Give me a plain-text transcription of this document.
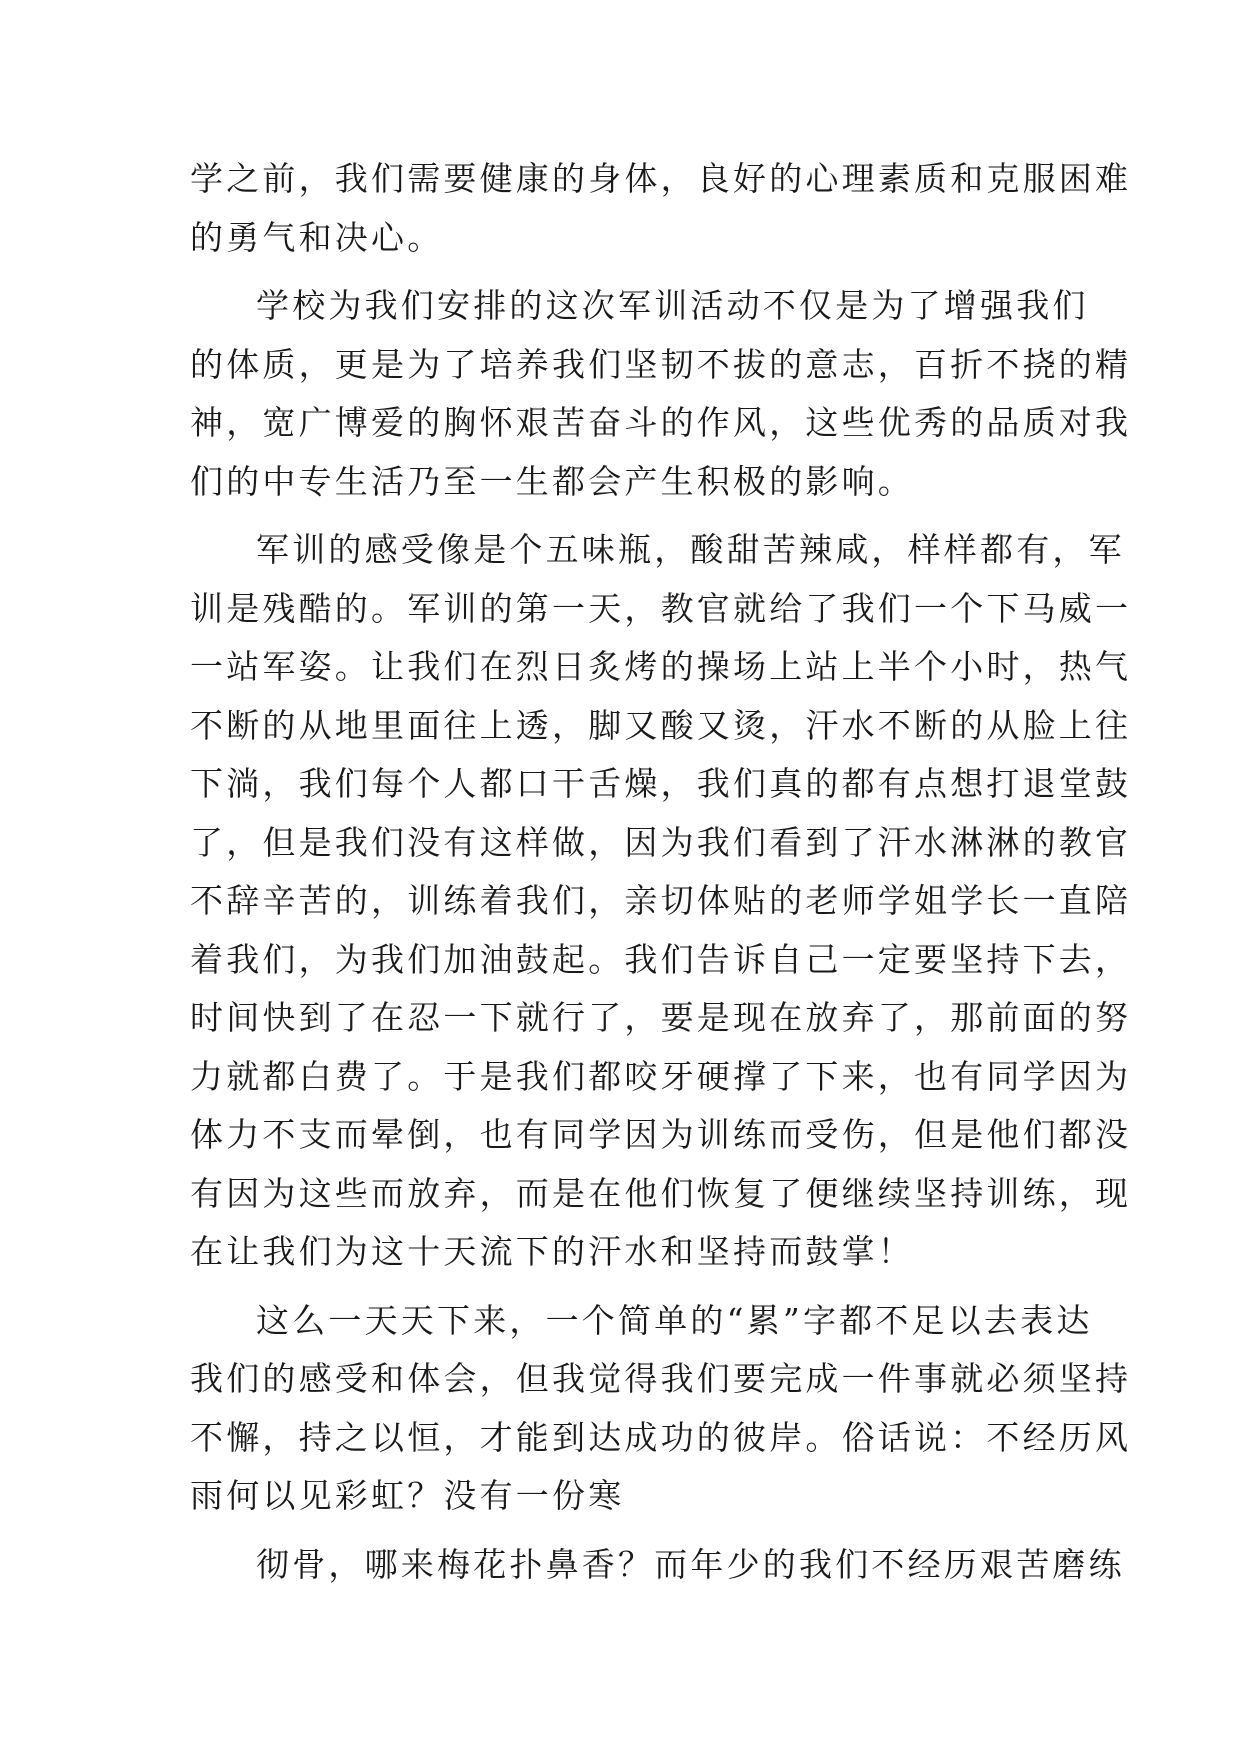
学之前，我们需要健康的身体，良好的心理素质和克服困难

的勇气和决心。

学校为我们安排的这次军训活动不仅是为了增强我们

的体质，更是为了培养我们坚韧不拔的意志，百折不挠的精

神，宽广博爱的胸怀艰苦奋斗的作风，这些优秀的品质对我

们的中专生活乃至一生都会产生积极的影响。

军训的感受像是个五味瓶，酸甜苦辣咸，样样都有，军

训是残酷的。军训的第一天，教官就给了我们一个下马威一

一站军姿。让我们在烈日炙烤的操场上站上半个小时，热气

不断的从地里面往上透，脚又酸又烫，汗水不断的从脸上往

下淌，我们每个人都口干舌燥，我们真的都有点想打退堂鼓

了，但是我们没有这样做，因为我们看到了汗水淋淋的教官

不辞辛苦的，训练着我们，亲切体贴的老师学姐学长一直陪

着我们，为我们加油鼓起。我们告诉自己一定要坚持下去，

时间快到了在忍一下就行了，要是现在放弃了，那前面的努

力就都白费了。于是我们都咬牙硬撑了下来，也有同学因为

体力不支而晕倒，也有同学因为训练而受伤，但是他们都没

有因为这些而放弃，而是在他们恢复了便继续坚持训练，现

在让我们为这十天流下的汗水和坚持而鼓掌！

这么一天天下来，一个简单的“累”字都不足以去表达

我们的感受和体会，但我觉得我们要完成一件事就必须坚持

不懈，持之以恒，才能到达成功的彼岸。俗话说：不经历风

雨何以见彩虹？没有一份寒

彻骨，哪来梅花扑鼻香？而年少的我们不经历艰苦磨练
